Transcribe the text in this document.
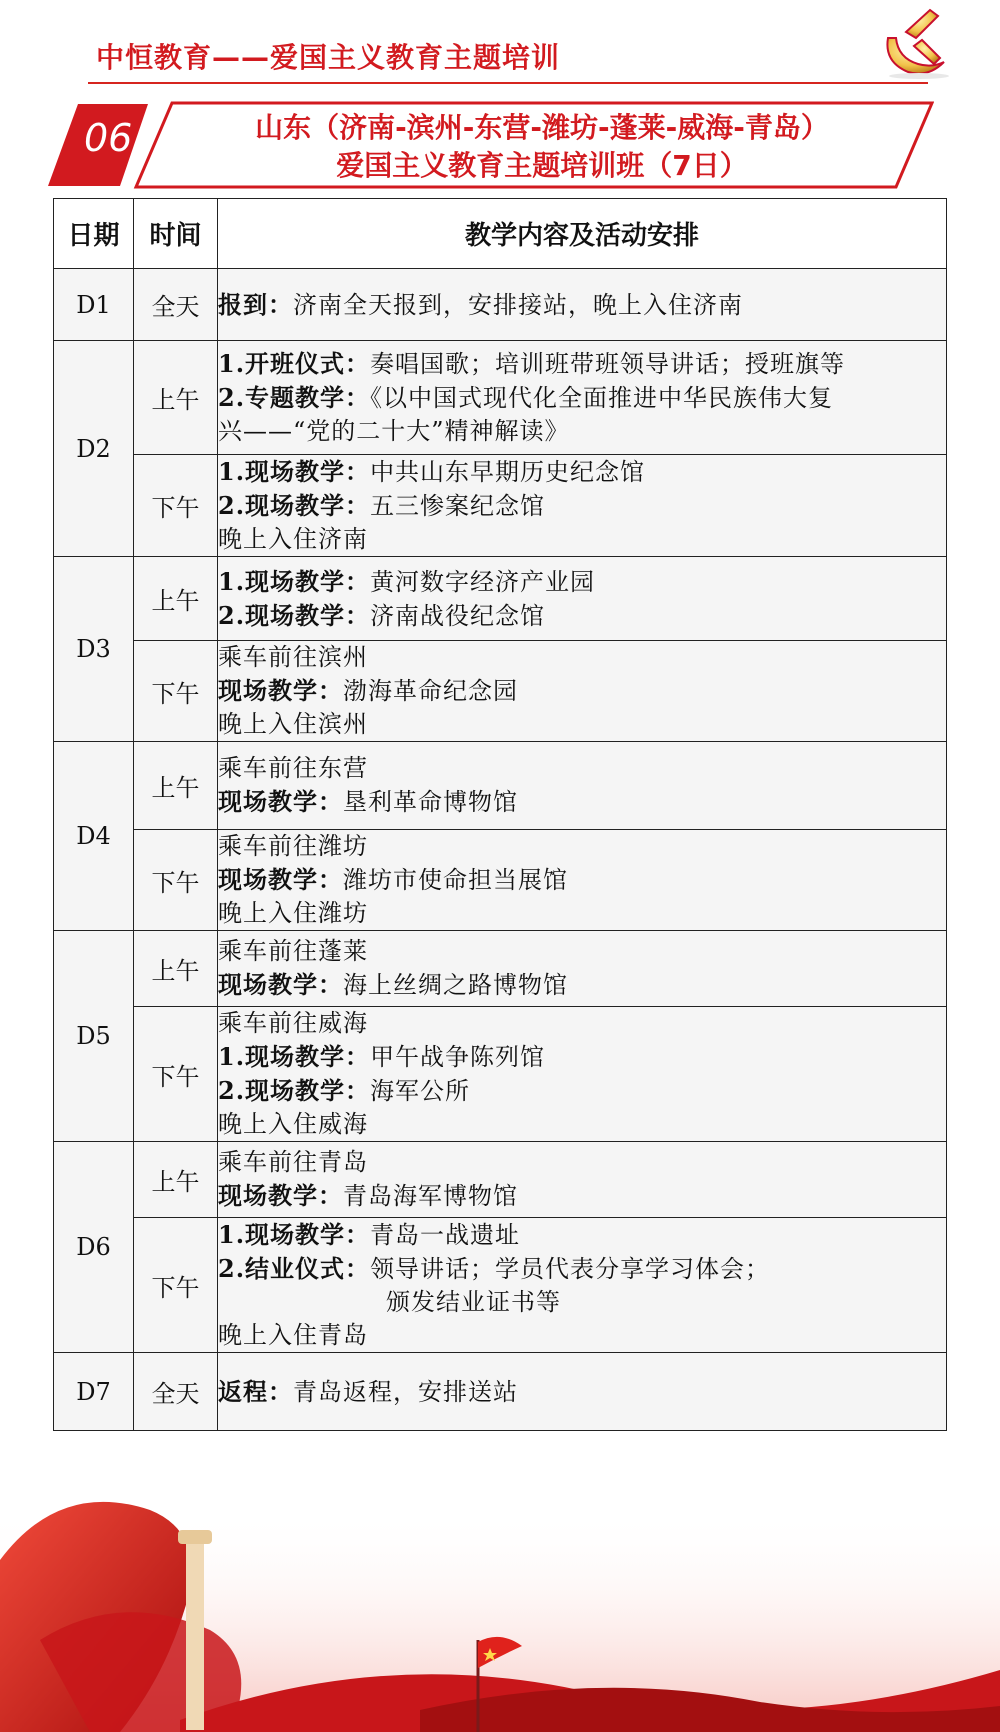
中恒教育——爱国主义教育主题培训
06	山东（济南-滨州-东营-潍坊-蓬莱-威海-青岛）
爱国主义教育主题培训班（7日）
日期	时间	教学内容及活动安排
D1	全天	报到：济南全天报到，安排接站，晚上入住济南

D2	上午	1.开班仪式：奏唱国歌；培训班带班领导讲话；授班旗等
2.专题教学：《以中国式现代化全面推进中华民族伟大复
兴——“党的二十大”精神解读》

	下午	1.现场教学：中共山东早期历史纪念馆
2.现场教学：五三惨案纪念馆
晚上入住济南

D3	上午	1.现场教学：黄河数字经济产业园
2.现场教学：济南战役纪念馆

	下午	乘车前往滨州
现场教学：渤海革命纪念园
晚上入住滨州

D4	上午	乘车前往东营
现场教学：垦利革命博物馆

	下午	乘车前往潍坊
现场教学：潍坊市使命担当展馆
晚上入住潍坊

D5	上午	乘车前往蓬莱
现场教学：海上丝绸之路博物馆

	下午	乘车前往威海
1.现场教学：甲午战争陈列馆
2.现场教学：海军公所
晚上入住威海

D6	上午	乘车前往青岛
现场教学：青岛海军博物馆

	下午	1.现场教学：青岛一战遗址
2.结业仪式：领导讲话；学员代表分享学习体会；
颁发结业证书等
晚上入住青岛

D7	全天	返程：青岛返程，安排送站
